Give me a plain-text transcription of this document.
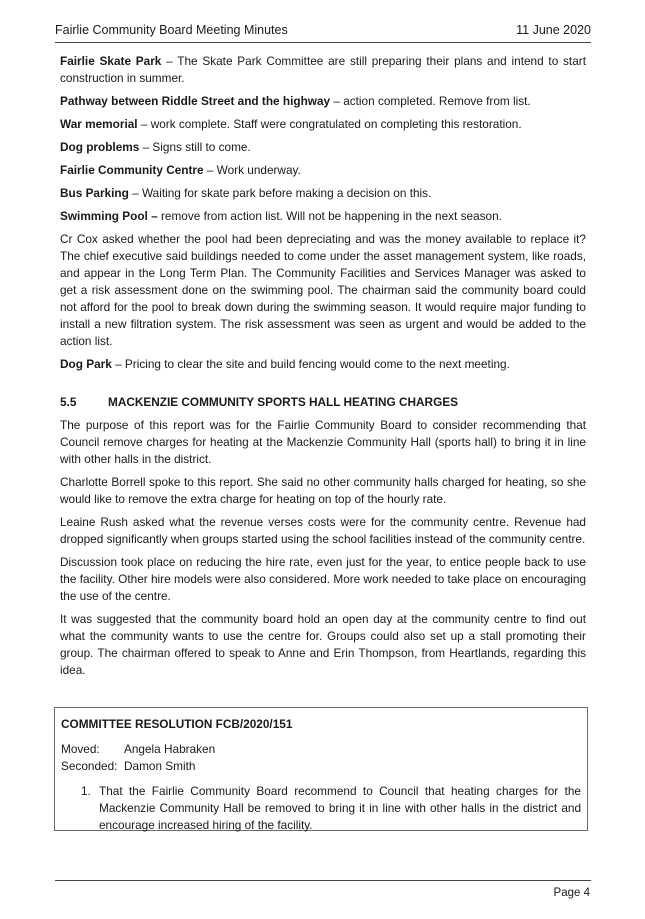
Fairlie Community Board Meeting Minutes	11 June 2020

Fairlie Skate Park – The Skate Park Committee are still preparing their plans and intend to start construction in summer.

Pathway between Riddle Street and the highway – action completed. Remove from list.

War memorial – work complete. Staff were congratulated on completing this restoration.

Dog problems – Signs still to come.

Fairlie Community Centre – Work underway.

Bus Parking – Waiting for skate park before making a decision on this.

Swimming Pool – remove from action list. Will not be happening in the next season.

Cr Cox asked whether the pool had been depreciating and was the money available to replace it? The chief executive said buildings needed to come under the asset management system, like roads, and appear in the Long Term Plan. The Community Facilities and Services Manager was asked to get a risk assessment done on the swimming pool. The chairman said the community board could not afford for the pool to break down during the swimming season. It would require major funding to install a new filtration system. The risk assessment was seen as urgent and would be added to the action list.

Dog Park – Pricing to clear the site and build fencing would come to the next meeting.

5.5	MACKENZIE COMMUNITY SPORTS HALL HEATING CHARGES

The purpose of this report was for the Fairlie Community Board to consider recommending that Council remove charges for heating at the Mackenzie Community Hall (sports hall) to bring it in line with other halls in the district.

Charlotte Borrell spoke to this report. She said no other community halls charged for heating, so she would like to remove the extra charge for heating on top of the hourly rate.

Leaine Rush asked what the revenue verses costs were for the community centre. Revenue had dropped significantly when groups started using the school facilities instead of the community centre.

Discussion took place on reducing the hire rate, even just for the year, to entice people back to use the facility. Other hire models were also considered. More work needed to take place on encouraging the use of the centre.

It was suggested that the community board hold an open day at the community centre to find out what the community wants to use the centre for. Groups could also set up a stall promoting their group. The chairman offered to speak to Anne and Erin Thompson, from Heartlands, regarding this idea.

COMMITTEE RESOLUTION FCB/2020/151
Moved:	Angela Habraken
Seconded: Damon Smith
1. That the Fairlie Community Board recommend to Council that heating charges for the Mackenzie Community Hall be removed to bring it in line with other halls in the district and encourage increased hiring of the facility.
Page 4
